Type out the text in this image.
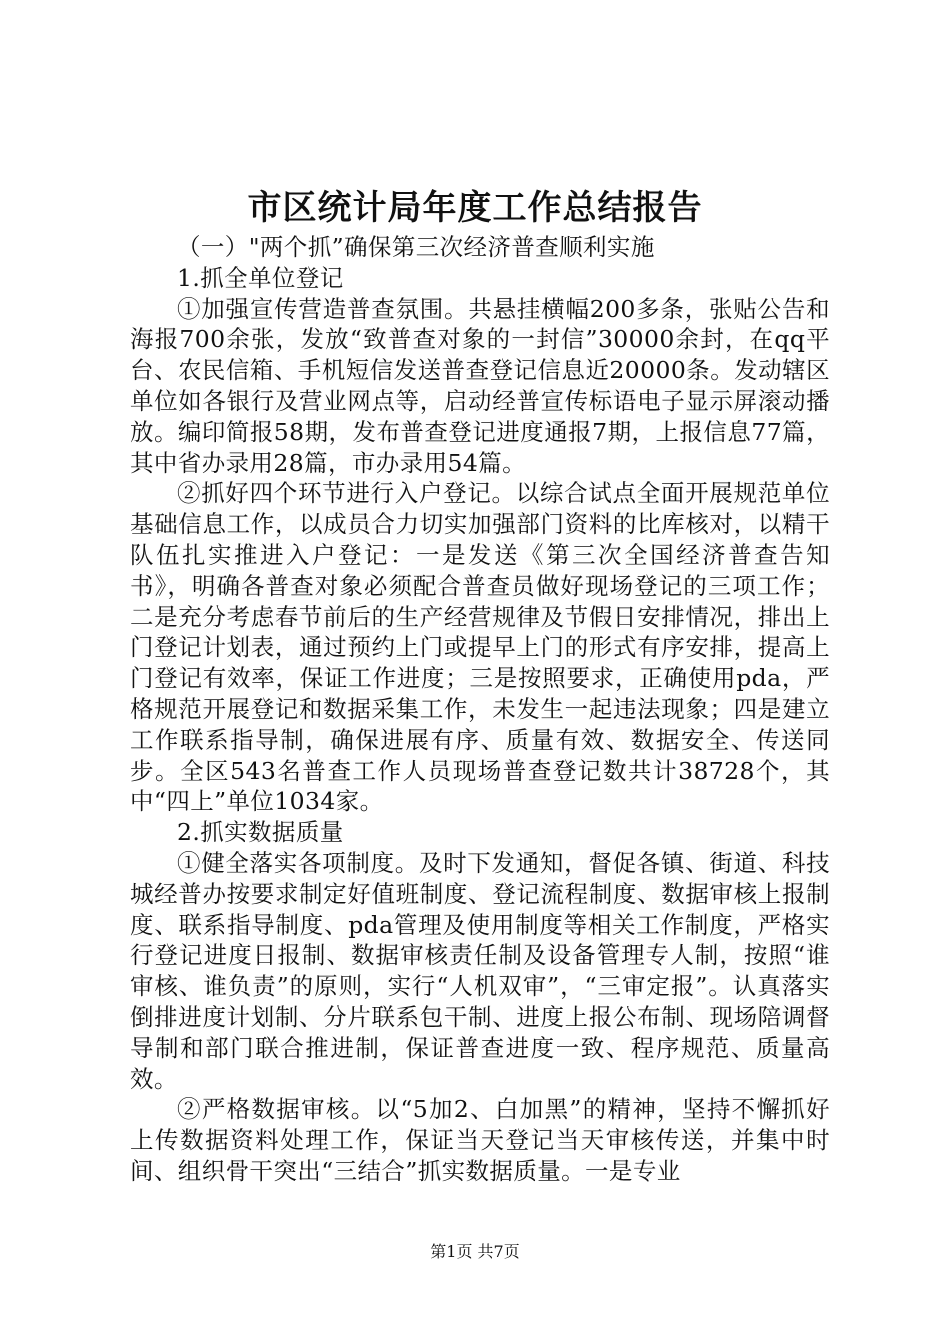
市区统计局年度工作总结报告

（一）"两个抓”确保第三次经济普查顺利实施

1.抓全单位登记

①加强宣传营造普查氛围。共悬挂横幅200多条，张贴公告和海报700余张，发放“致普查对象的一封信”30000余封，在qq平台、农民信箱、手机短信发送普查登记信息近20000条。发动辖区单位如各银行及营业网点等，启动经普宣传标语电子显示屏滚动播放。编印简报58期，发布普查登记进度通报7期，上报信息77篇，其中省办录用28篇，市办录用54篇。

②抓好四个环节进行入户登记。以综合试点全面开展规范单位基础信息工作，以成员合力切实加强部门资料的比库核对，以精干队伍扎实推进入户登记：一是发送《第三次全国经济普查告知书》，明确各普查对象必须配合普查员做好现场登记的三项工作；二是充分考虑春节前后的生产经营规律及节假日安排情况，排出上门登记计划表，通过预约上门或提早上门的形式有序安排，提高上门登记有效率，保证工作进度；三是按照要求，正确使用pda，严格规范开展登记和数据采集工作，未发生一起违法现象；四是建立工作联系指导制，确保进展有序、质量有效、数据安全、传送同步。全区543名普查工作人员现场普查登记数共计38728个，其中“四上”单位1034家。

2.抓实数据质量

①健全落实各项制度。及时下发通知，督促各镇、街道、科技城经普办按要求制定好值班制度、登记流程制度、数据审核上报制度、联系指导制度、pda管理及使用制度等相关工作制度，严格实行登记进度日报制、数据审核责任制及设备管理专人制，按照“谁审核、谁负责”的原则，实行“人机双审”，“三审定报”。认真落实倒排进度计划制、分片联系包干制、进度上报公布制、现场陪调督导制和部门联合推进制，保证普查进度一致、程序规范、质量高效。

②严格数据审核。以“5加2、白加黑”的精神，坚持不懈抓好上传数据资料处理工作，保证当天登记当天审核传送，并集中时间、组织骨干突出“三结合”抓实数据质量。一是专业

第1页 共7页
